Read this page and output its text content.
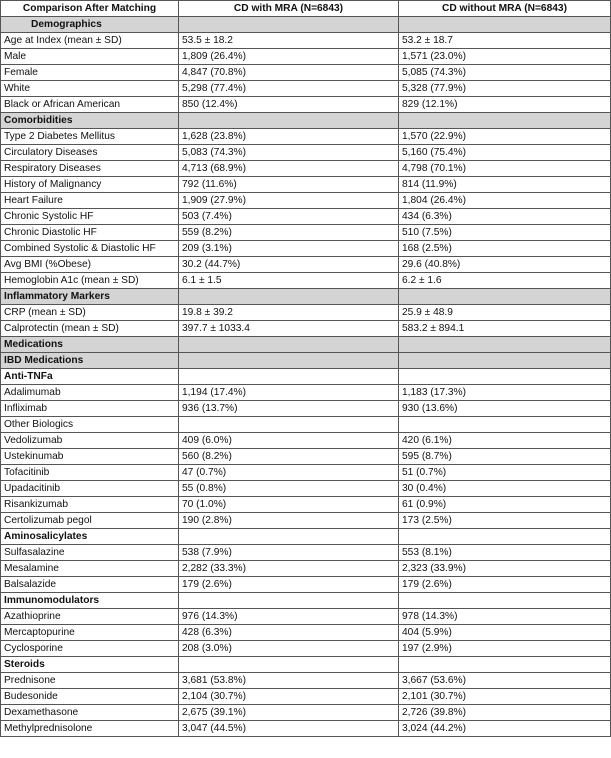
Comparison After Matching	CD with MRA (N=6843)	CD without MRA (N=6843)
Demographics		
Age at Index (mean ± SD)	53.5 ± 18.2	53.2 ± 18.7
Male	1,809 (26.4%)	1,571 (23.0%)
Female	4,847 (70.8%)	5,085 (74.3%)
White	5,298 (77.4%)	5,328 (77.9%)
Black or African American	850 (12.4%)	829 (12.1%)
Comorbidities		
Type 2 Diabetes Mellitus	1,628 (23.8%)	1,570 (22.9%)
Circulatory Diseases	5,083 (74.3%)	5,160 (75.4%)
Respiratory Diseases	4,713 (68.9%)	4,798 (70.1%)
History of Malignancy	792 (11.6%)	814 (11.9%)
Heart Failure	1,909 (27.9%)	1,804 (26.4%)
Chronic Systolic HF	503 (7.4%)	434 (6.3%)
Chronic Diastolic HF	559 (8.2%)	510 (7.5%)
Combined Systolic & Diastolic HF	209 (3.1%)	168 (2.5%)
Avg BMI (%Obese)	30.2 (44.7%)	29.6 (40.8%)
Hemoglobin A1c (mean ± SD)	6.1 ± 1.5	6.2 ± 1.6
Inflammatory Markers		
CRP (mean ± SD)	19.8 ± 39.2	25.9 ± 48.9
Calprotectin (mean ± SD)	397.7 ± 1033.4	583.2 ± 894.1
Medications		
IBD Medications		
Anti-TNFa		
Adalimumab	1,194 (17.4%)	1,183 (17.3%)
Infliximab	936 (13.7%)	930 (13.6%)
Other Biologics		
Vedolizumab	409 (6.0%)	420 (6.1%)
Ustekinumab	560 (8.2%)	595 (8.7%)
Tofacitinib	47 (0.7%)	51 (0.7%)
Upadacitinib	55 (0.8%)	30 (0.4%)
Risankizumab	70 (1.0%)	61 (0.9%)
Certolizumab pegol	190 (2.8%)	173 (2.5%)
Aminosalicylates		
Sulfasalazine	538 (7.9%)	553 (8.1%)
Mesalamine	2,282 (33.3%)	2,323 (33.9%)
Balsalazide	179 (2.6%)	179 (2.6%)
Immunomodulators		
Azathioprine	976 (14.3%)	978 (14.3%)
Mercaptopurine	428 (6.3%)	404 (5.9%)
Cyclosporine	208 (3.0%)	197 (2.9%)
Steroids		
Prednisone	3,681 (53.8%)	3,667 (53.6%)
Budesonide	2,104 (30.7%)	2,101 (30.7%)
Dexamethasone	2,675 (39.1%)	2,726 (39.8%)
Methylprednisolone	3,047 (44.5%)	3,024 (44.2%)
